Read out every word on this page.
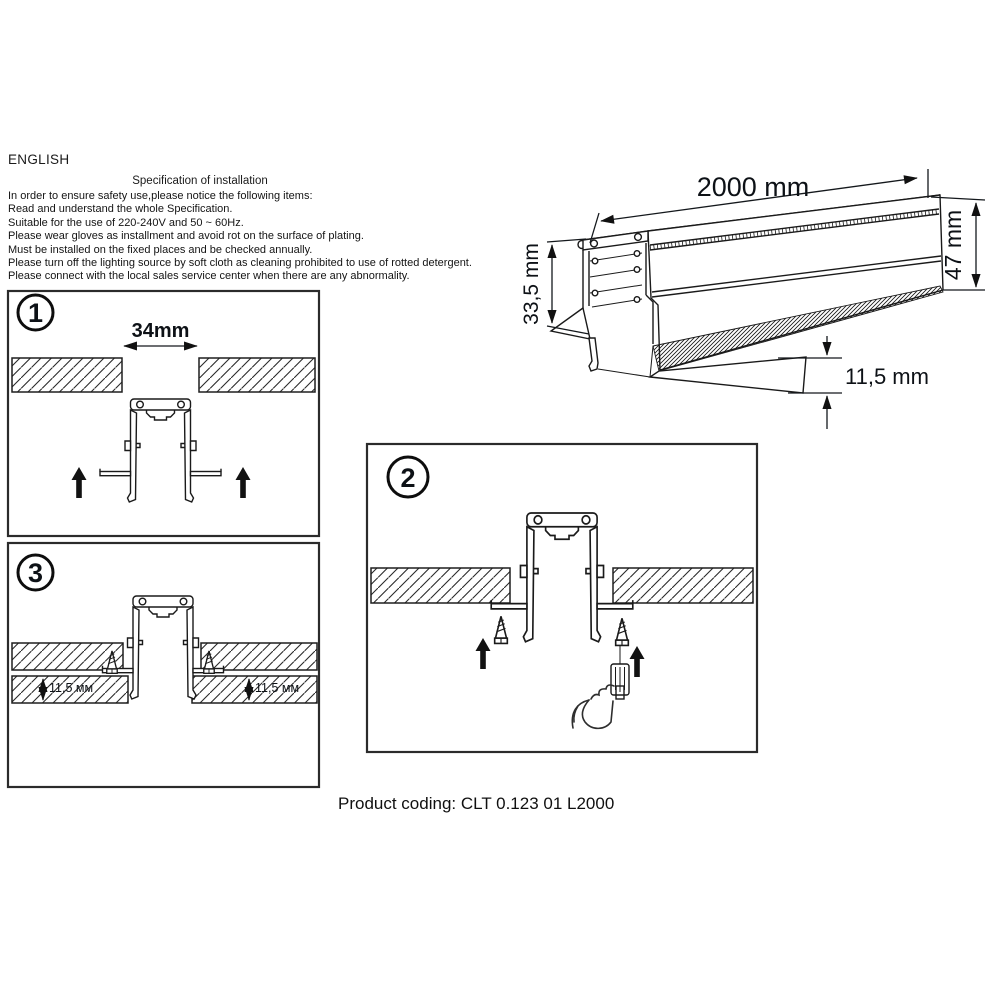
ENGLISH
Specification of installation
In order to ensure safety use,please notice the following items:
Read and understand the whole Specification.
Suitable for the use of 220-240V and 50 ~ 60Hz.
Please wear gloves as installment and avoid rot on the surface of plating.
Must be installed on the fixed places and be checked annually.
Please turn off the lighting source by soft cloth as cleaning prohibited to use of rotted detergent.
Please connect with the local sales service center when there are any abnormality.
Product coding: CLT 0.123 01 L2000
2000 mm
47 mm
33,5 mm
11,5 mm
1
34mm
3
11,5 мм	11,5 мм
2
